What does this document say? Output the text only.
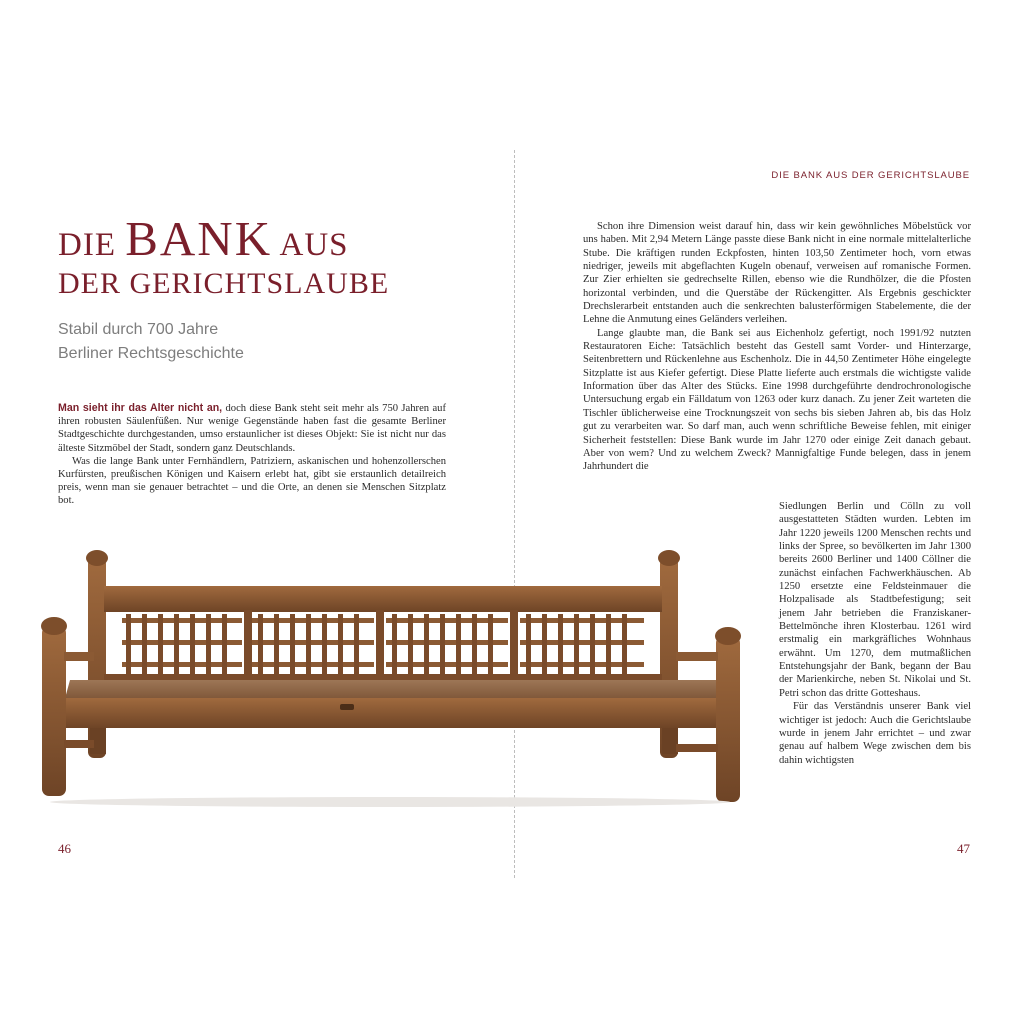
DIE BANK AUS DER GERICHTSLAUBE
DIE BANK AUS
DER GERICHTSLAUBE
Stabil durch 700 Jahre
Berliner Rechtsgeschichte

Man sieht ihr das Alter nicht an, doch diese Bank steht seit mehr als 750 Jahren auf ihren robusten Säulenfüßen. Nur wenige Gegenstände haben fast die gesamte Berliner Stadtgeschichte durchgestanden, umso erstaunlicher ist dieses Objekt: Sie ist nicht nur das älteste Sitzmöbel der Stadt, sondern ganz Deutschlands.

Was die lange Bank unter Fernhändlern, Patriziern, askanischen und hohenzollerschen Kurfürsten, preußischen Königen und Kaisern erlebt hat, gibt sie erstaunlich detailreich preis, wenn man sie genauer betrachtet – und die Orte, an denen sie Menschen Sitzplatz bot.

Schon ihre Dimension weist darauf hin, dass wir kein gewöhnliches Möbelstück vor uns haben. Mit 2,94 Metern Länge passte diese Bank nicht in eine normale mittelalterliche Stube. Die kräftigen runden Eckpfosten, hinten 103,50 Zentimeter hoch, vorn etwas niedriger, jeweils mit abgeflachten Kugeln obenauf, verweisen auf romanische Formen. Zur Zier erhielten sie gedrechselte Rillen, ebenso wie die Rundhölzer, die die Pfosten horizontal verbinden, und die Querstäbe der Rückengitter. Als Ergebnis geschickter Drechslerarbeit entstanden auch die senkrechten balusterförmigen Stabelemente, die der Lehne die Anmutung eines Geländers verleihen.

Lange glaubte man, die Bank sei aus Eichenholz gefertigt, noch 1991/92 nutzten Restauratoren Eiche: Tatsächlich besteht das Gestell samt Vorder- und Hinterzarge, Seitenbrettern und Rückenlehne aus Eschenholz. Die in 44,50 Zentimeter Höhe eingelegte Sitzplatte ist aus Kiefer gefertigt. Diese Platte lieferte auch erstmals die wichtigste valide Information über das Alter des Stücks. Eine 1998 durchgeführte dendrochronologische Untersuchung ergab ein Fälldatum von 1263 oder kurz danach. Zu jener Zeit warteten die Tischler üblicherweise eine Trocknungszeit von sechs bis sieben Jahren ab, bis das Holz gut zu verarbeiten war. So darf man, auch wenn schriftliche Beweise fehlen, mit einiger Sicherheit feststellen: Diese Bank wurde im Jahr 1270 oder einige Zeit danach gebaut. Aber von wem? Und zu welchem Zweck? Mannigfaltige Funde belegen, dass in jenem Jahrhundert die

Siedlungen Berlin und Cölln zu voll ausgestatteten Städten wurden. Lebten im Jahr 1220 jeweils 1200 Menschen rechts und links der Spree, so bevölkerten im Jahr 1300 bereits 2600 Berliner und 1400 Cöllner die zunächst einfachen Fachwerkhäuschen. Ab 1250 ersetzte eine Feldsteinmauer die Holzpalisade als Stadtbefestigung; seit jenem Jahr betrieben die Franziskaner-Bettelmönche ihren Klosterbau. 1261 wird erstmalig ein markgräfliches Wohnhaus erwähnt. Um 1270, dem mutmaßlichen Entstehungsjahr der Bank, begann der Bau der Marienkirche, neben St. Nikolai und St. Petri schon das dritte Gotteshaus.

Für das Verständnis unserer Bank viel wichtiger ist jedoch: Auch die Gerichtslaube wurde in jenem Jahr errichtet – und zwar genau auf halbem Wege zwischen dem bis dahin wichtigsten

46	47
